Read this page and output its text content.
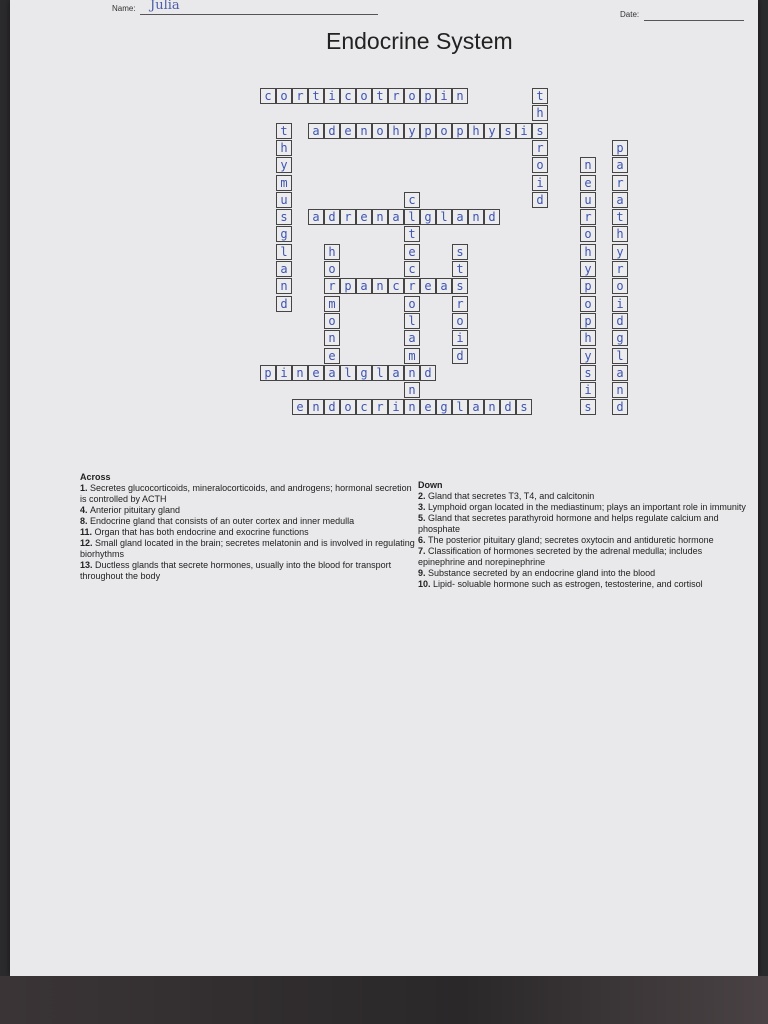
Name: Julia
Date:
Endocrine System
c o r t i c o t r o p i n
a d e n o h y p o p h y s i s
a d r e n a l g l a n d
p a n c r e a s
p i n e a l g l a n d
e n d o c r i n e g l a n d s
t
h
r
o
i
d
t
h
y
m
u
s
g
l
a
n
d
p
a
r
a
t
h
y
r
o
i
d
g
l
a
n
d
n
e
u
r
o
h
y
p
o
p
h
y
s
i
s
c
t
e
c
o
l
a
m
n
h
o
r
m
o
n
e
s
t
r
o
i
d

Across

1. Secretes glucocorticoids, mineralocorticoids, and androgens; hormonal secretion is controlled by ACTH

4. Anterior pituitary gland

8. Endocrine gland that consists of an outer cortex and inner medulla

11. Organ that has both endocrine and exocrine functions

12. Small gland located in the brain; secretes melatonin and is involved in regulating biorhythms

13. Ductless glands that secrete hormones, usually into the blood for transport throughout the body

Down

2. Gland that secretes T3, T4, and calcitonin

3. Lymphoid organ located in the mediastinum; plays an important role in immunity

5. Gland that secretes parathyroid hormone and helps regulate calcium and phosphate

6. The posterior pituitary gland; secretes oxytocin and antiduretic hormone

7. Classification of hormones secreted by the adrenal medulla; includes epinephrine and norepinephrine

9. Substance secreted by an endocrine gland into the blood

10. Lipid- soluable hormone such as estrogen, testosterine, and cortisol
